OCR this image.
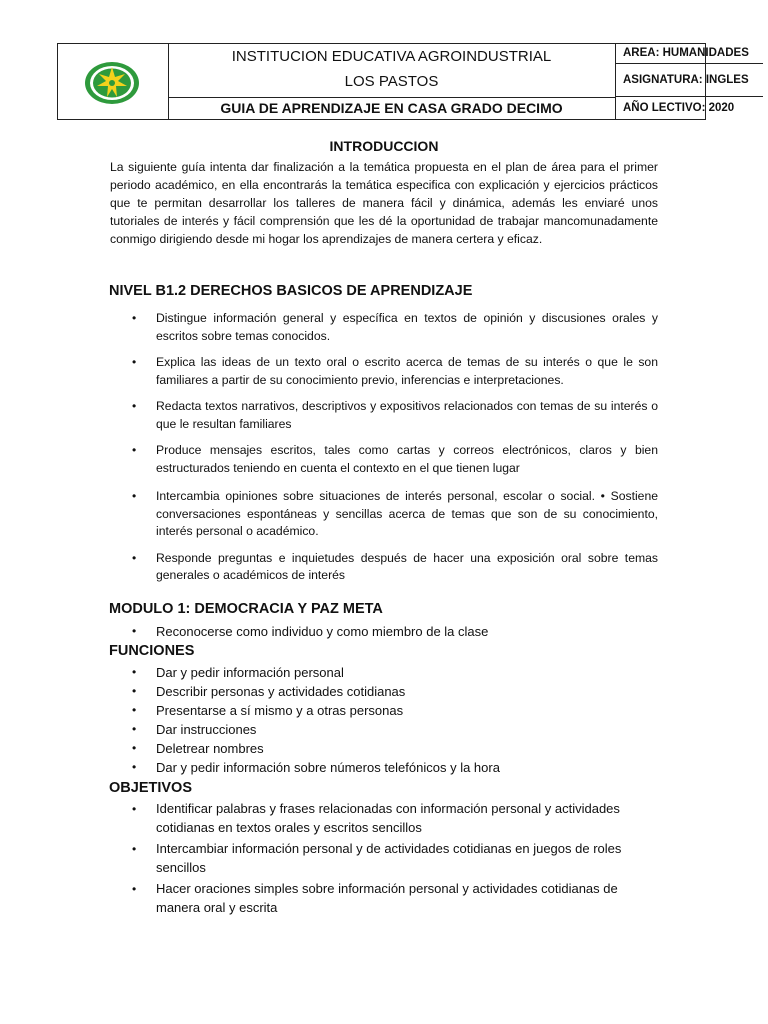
INSTITUCION EDUCATIVA AGROINDUSTRIAL
LOS PASTOS
GUIA DE APRENDIZAJE EN CASA GRADO DECIMO
AREA: HUMANIDADES
ASIGNATURA: INGLES
AÑO LECTIVO: 2020
INTRODUCCION
La siguiente guía intenta dar finalización a la temática propuesta en el plan de área para el primer periodo académico, en ella encontrarás la temática especifica con explicación y ejercicios prácticos que te permitan desarrollar los talleres de manera fácil y dinámica, además les enviaré unos tutoriales de interés y fácil comprensión que les dé la oportunidad de trabajar mancomunadamente conmigo dirigiendo desde mi hogar los aprendizajes de manera certera y eficaz.
NIVEL B1.2 DERECHOS BASICOS DE APRENDIZAJE
• Distingue información general y específica en textos de opinión y discusiones orales y escritos sobre temas conocidos.
• Explica las ideas de un texto oral o escrito acerca de temas de su interés o que le son familiares a partir de su conocimiento previo, inferencias e interpretaciones.
• Redacta textos narrativos, descriptivos y expositivos relacionados con temas de su interés o que le resultan familiares
• Produce mensajes escritos, tales como cartas y correos electrónicos, claros y bien estructurados teniendo en cuenta el contexto en el que tienen lugar
• Intercambia opiniones sobre situaciones de interés personal, escolar o social. • Sostiene conversaciones espontáneas y sencillas acerca de temas que son de su conocimiento, interés personal o académico.
• Responde preguntas e inquietudes después de hacer una exposición oral sobre temas generales o académicos de interés
MODULO 1: DEMOCRACIA Y PAZ META
• Reconocerse como individuo y como miembro de la clase
FUNCIONES
• Dar y pedir información personal
• Describir personas y actividades cotidianas
• Presentarse a sí mismo y a otras personas
• Dar instrucciones
• Deletrear nombres
• Dar y pedir información sobre números telefónicos y la hora
OBJETIVOS
• Identificar palabras y frases relacionadas con información personal y actividades cotidianas en textos orales y escritos sencillos
• Intercambiar información personal y de actividades cotidianas en juegos de roles sencillos
• Hacer oraciones simples sobre información personal y actividades cotidianas de manera oral y escrita
